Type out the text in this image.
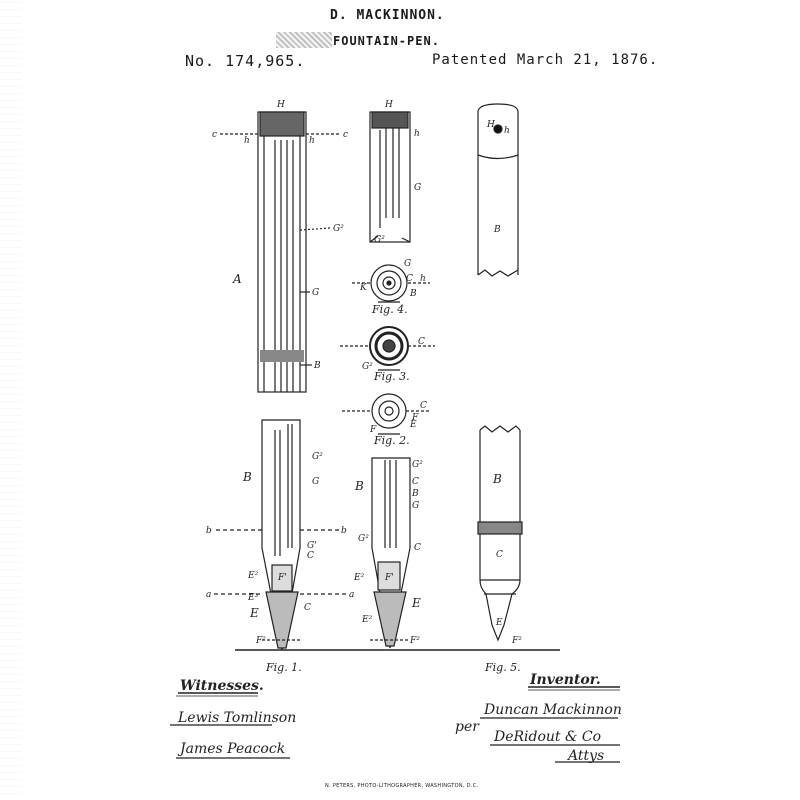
D. MACKINNON.
FOUNTAIN-PEN.
No. 174,965.	Patented March 21, 1876.
H	H
H
h
h	h
h
c	c
G²
G
A
B
G
G²
B
G
C h
K
B
C
G²
C
F
E
F
G²
G
B
b	b
G'
C
E² F'
a	a
E³
E	C
F²
G²
C
B
G
B
C
G²
E² F'
E
E²
F²
B
C
E
F²
Fig. 4.
Fig. 3.
Fig. 2.
Fig. 1.	Fig. 5.
Witnesses.	Inventor.
Lewis Tomlinson
James Peacock
Duncan Mackinnon
per
DeRidout & Co
Attys
N. PETERS, PHOTO-LITHOGRAPHER, WASHINGTON, D.C.
